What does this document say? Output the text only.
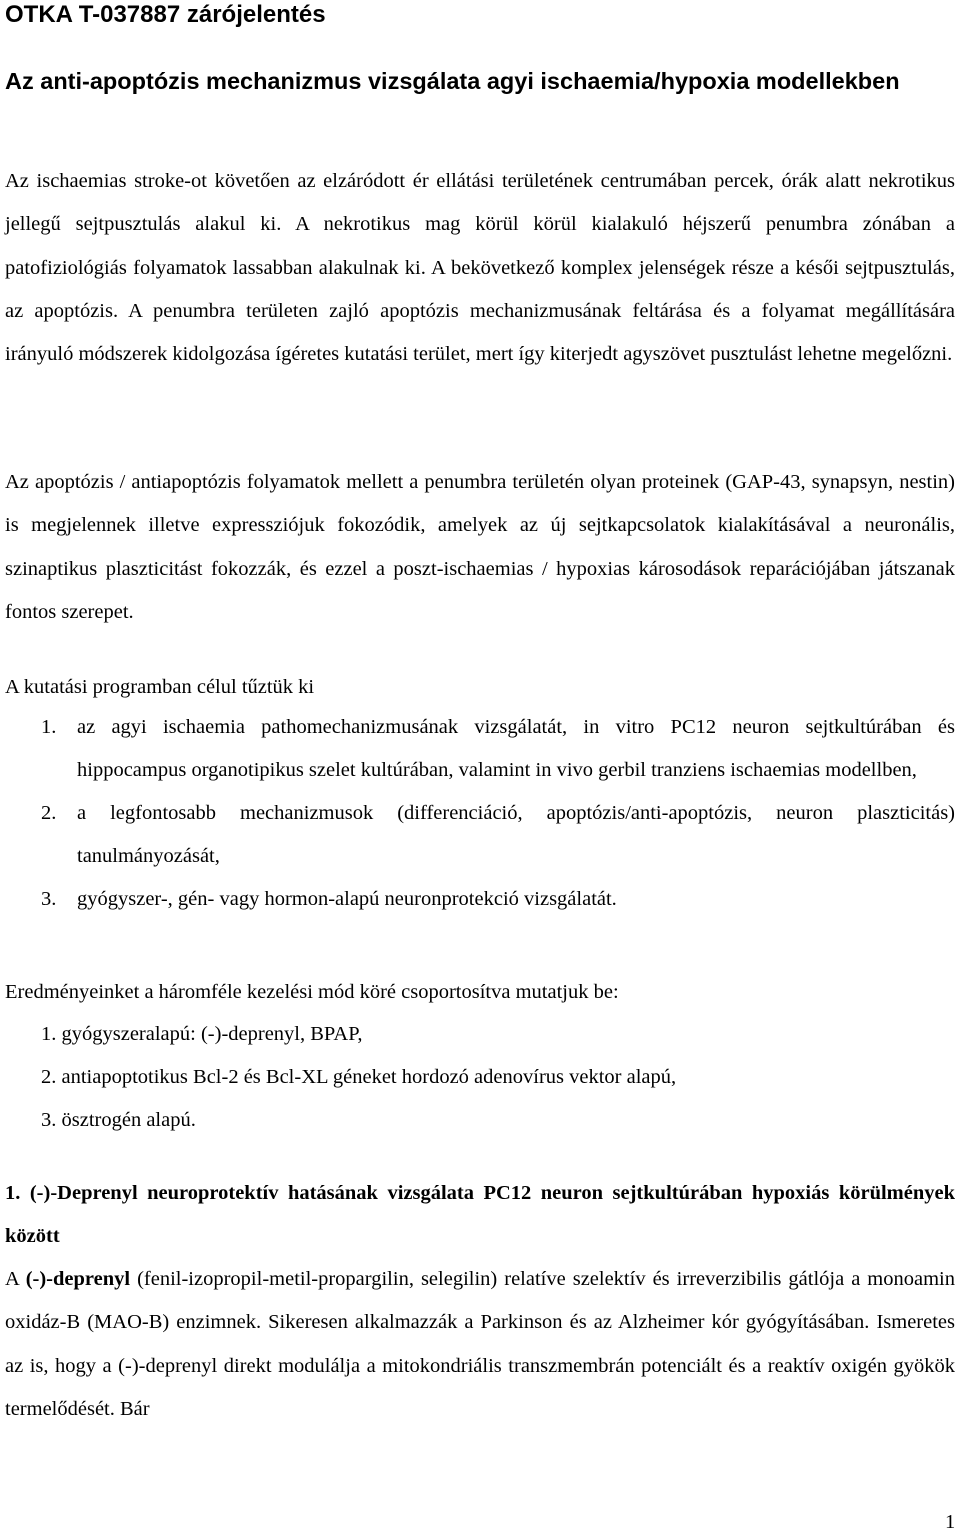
OTKA T-037887 zárójelentés
Az anti-apoptózis mechanizmus vizsgálata agyi ischaemia/hypoxia modellekben

Az ischaemias stroke-ot követően az elzáródott ér ellátási területének centrumában percek, órák alatt nekrotikus jellegű sejtpusztulás alakul ki. A nekrotikus mag körül körül kialakuló héjszerű penumbra zónában a patofiziológiás folyamatok lassabban alakulnak ki. A bekövetkező komplex jelenségek része a késői sejtpusztulás, az apoptózis. A penumbra területen zajló apoptózis mechanizmusának feltárása és a folyamat megállítására irányuló módszerek kidolgozása ígéretes kutatási terület, mert így kiterjedt agyszövet pusztulást lehetne megelőzni.

Az apoptózis / antiapoptózis folyamatok mellett a penumbra területén olyan proteinek (GAP-43, synapsyn, nestin) is megjelennek illetve expressziójuk fokozódik, amelyek az új sejtkapcsolatok kialakításával a neuronális, szinaptikus plaszticitást fokozzák, és ezzel a poszt-ischaemias / hypoxias károsodások reparációjában játszanak fontos szerepet.

A kutatási programban célul tűztük ki

1.	az agyi ischaemia pathomechanizmusának vizsgálatát, in vitro PC12 neuron sejtkultúrában és hippocampus organotipikus szelet kultúrában, valamint in vivo gerbil tranziens ischaemias modellben,
2.	a legfontosabb mechanizmusok (differenciáció, apoptózis/anti-apoptózis, neuron plaszticitás) tanulmányozását,
3.	gyógyszer-, gén- vagy hormon-alapú neuronprotekció vizsgálatát.

Eredményeinket a háromféle kezelési mód köré csoportosítva mutatjuk be:

1. gyógyszeralapú: (-)-deprenyl, BPAP,
2. antiapoptotikus Bcl-2 és Bcl-XL géneket hordozó adenovírus vektor alapú,
3. ösztrogén alapú.
1. (-)-Deprenyl neuroprotektív hatásának vizsgálata PC12 neuron sejtkultúrában hypoxiás körülmények között

A (-)-deprenyl (fenil-izopropil-metil-propargilin, selegilin) relatíve szelektív és irreverzibilis gátlója a monoamin oxidáz-B (MAO-B) enzimnek. Sikeresen alkalmazzák a Parkinson és az Alzheimer kór gyógyításában. Ismeretes az is, hogy a (-)-deprenyl direkt modulálja a mitokondriális transzmembrán potenciált és a reaktív oxigén gyökök termelődését. Bár

1
